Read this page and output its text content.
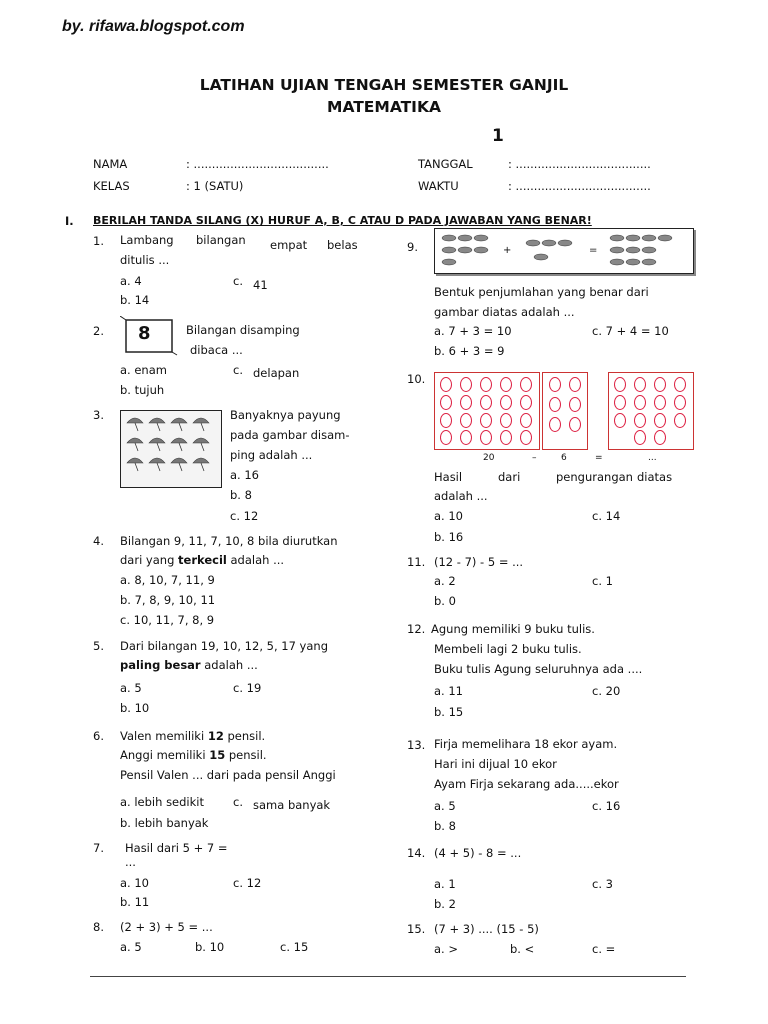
by. rifawa.blogspot.com
LATIHAN UJIAN TENGAH SEMESTER GANJIL
MATEMATIKA
1
NAMA	: .....................................
KELAS	: 1 (SATU)
TANGGAL	: .....................................
WAKTU	: .....................................
I. BERILAH TANDA SILANG (X) HURUF A, B, C ATAU D PADA JAWABAN YANG BENAR!
1. Lambang bilangan empat belas
ditulis ...
a. 4	c. 41
b. 14
2. 8	Bilangan disamping
dibaca ...
a. enam	c. delapan
b. tujuh
3.	Banyaknya payung
pada gambar disam-
ping adalah ...
a. 16
b. 8
c. 12
4. Bilangan 9, 11, 7, 10, 8 bila diurutkan
dari yang terkecil adalah ...
a. 8, 10, 7, 11, 9
b. 7, 8, 9, 10, 11
c. 10, 11, 7, 8, 9
5. Dari bilangan 19, 10, 12, 5, 17 yang
paling besar adalah ...
a. 5	c. 19
b. 10
6. Valen memiliki 12 pensil.
Anggi memiliki 15 pensil.
Pensil Valen ... dari pada pensil Anggi
a. lebih sedikit	c. sama banyak
b. lebih banyak
7. Hasil dari 5 + 7 =
...
a. 10	c. 12
b. 11
8. (2 + 3) + 5 = ...
a. 5	b. 10	c. 15
9.	+	=
Bentuk penjumlahan yang benar dari
gambar diatas adalah ...
a. 7 + 3 = 10	c. 7 + 4 = 10
b. 6 + 3 = 9
10.
20	–	6	=	...
Hasil	dari	pengurangan diatas
adalah ...
a. 10	c. 14
b. 16
11. (12 - 7) - 5 = ...
a. 2	c. 1
b. 0
12. Agung memiliki 9 buku tulis.
Membeli lagi 2 buku tulis.
Buku tulis Agung seluruhnya ada ....
a. 11	c. 20
b. 15
13. Firja memelihara 18 ekor ayam.
Hari ini dijual 10 ekor
Ayam Firja sekarang ada.....ekor
a. 5	c. 16
b. 8
14. (4 + 5) - 8 = ...
a. 1	c. 3
b. 2
15. (7 + 3) .... (15 - 5)
a. >	b. <	c. =
